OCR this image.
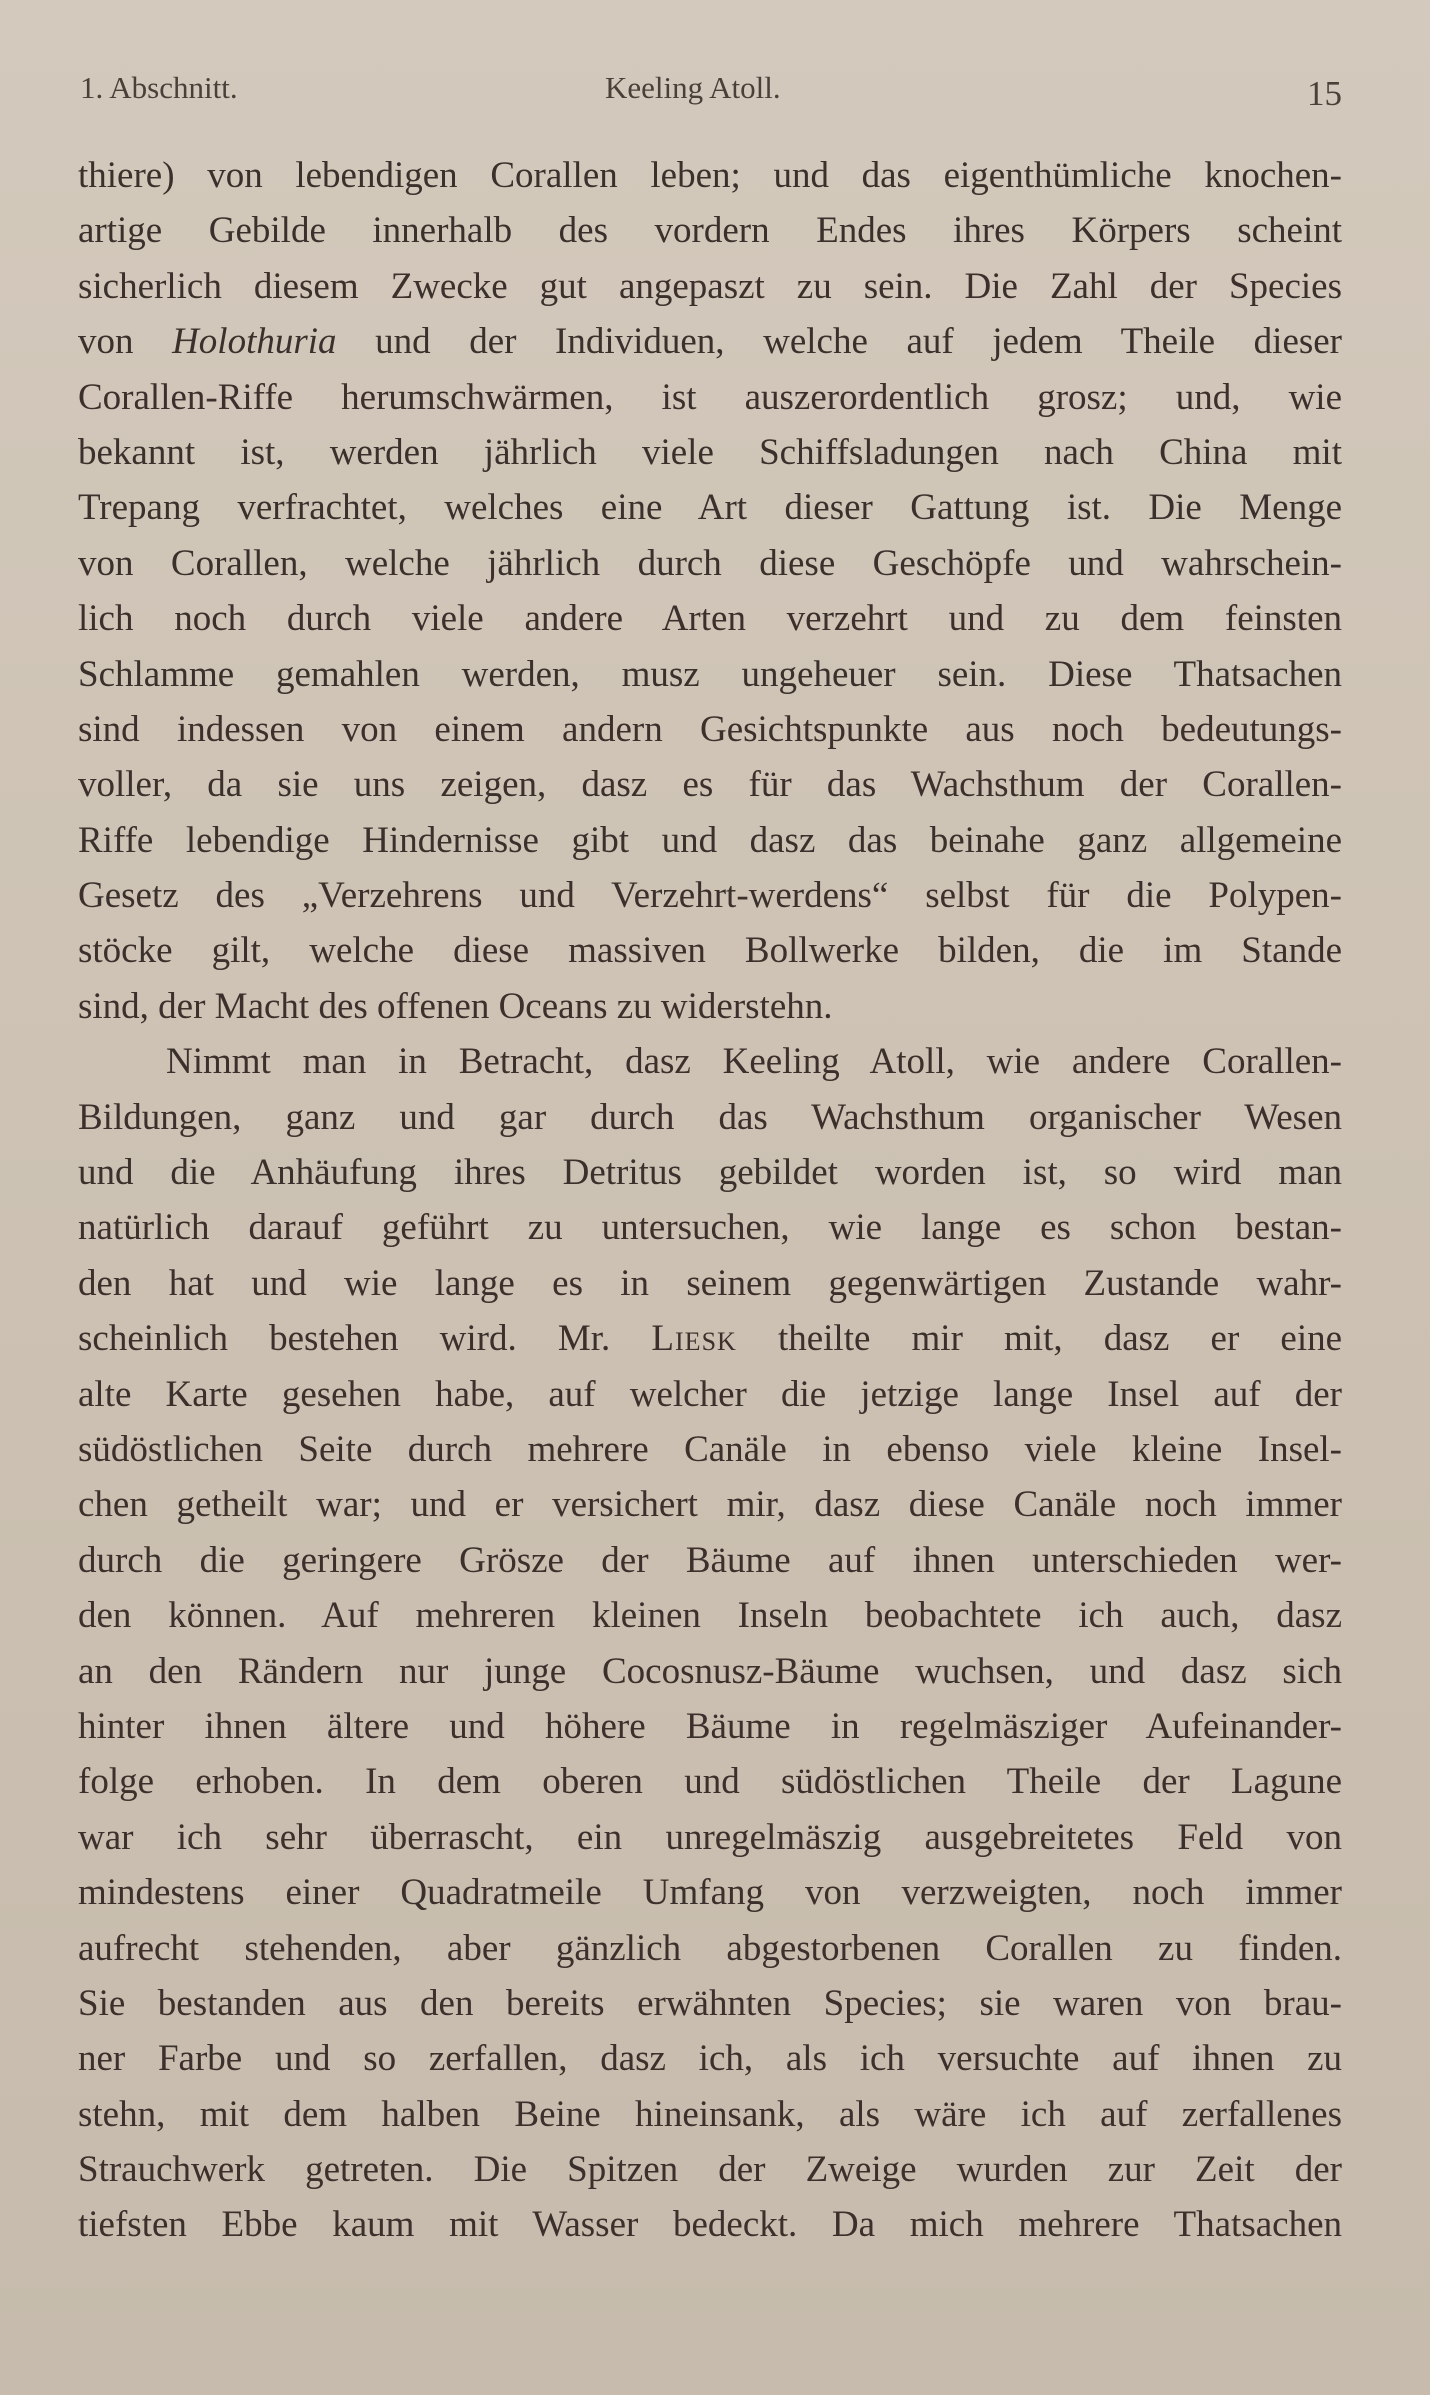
1. Abschnitt.	Keeling Atoll.	15
thiere) von lebendigen Corallen leben; und das eigenthümliche knochen-
artige Gebilde innerhalb des vordern Endes ihres Körpers scheint
sicherlich diesem Zwecke gut angepaszt zu sein. Die Zahl der Species
von Holothuria und der Individuen, welche auf jedem Theile dieser
Corallen-Riffe herumschwärmen, ist auszerordentlich grosz; und, wie
bekannt ist, werden jährlich viele Schiffsladungen nach China mit
Trepang verfrachtet, welches eine Art dieser Gattung ist. Die Menge
von Corallen, welche jährlich durch diese Geschöpfe und wahrschein-
lich noch durch viele andere Arten verzehrt und zu dem feinsten
Schlamme gemahlen werden, musz ungeheuer sein. Diese Thatsachen
sind indessen von einem andern Gesichtspunkte aus noch bedeutungs-
voller, da sie uns zeigen, dasz es für das Wachsthum der Corallen-
Riffe lebendige Hindernisse gibt und dasz das beinahe ganz allgemeine
Gesetz des „Verzehrens und Verzehrt-werdens“ selbst für die Polypen-
stöcke gilt, welche diese massiven Bollwerke bilden, die im Stande
sind, der Macht des offenen Oceans zu widerstehn.
Nimmt man in Betracht, dasz Keeling Atoll, wie andere Corallen-
Bildungen, ganz und gar durch das Wachsthum organischer Wesen
und die Anhäufung ihres Detritus gebildet worden ist, so wird man
natürlich darauf geführt zu untersuchen, wie lange es schon bestan-
den hat und wie lange es in seinem gegenwärtigen Zustande wahr-
scheinlich bestehen wird. Mr. Liesk theilte mir mit, dasz er eine
alte Karte gesehen habe, auf welcher die jetzige lange Insel auf der
südöstlichen Seite durch mehrere Canäle in ebenso viele kleine Insel-
chen getheilt war; und er versichert mir, dasz diese Canäle noch immer
durch die geringere Grösze der Bäume auf ihnen unterschieden wer-
den können. Auf mehreren kleinen Inseln beobachtete ich auch, dasz
an den Rändern nur junge Cocosnusz-Bäume wuchsen, und dasz sich
hinter ihnen ältere und höhere Bäume in regelmäsziger Aufeinander-
folge erhoben. In dem oberen und südöstlichen Theile der Lagune
war ich sehr überrascht, ein unregelmäszig ausgebreitetes Feld von
mindestens einer Quadratmeile Umfang von verzweigten, noch immer
aufrecht stehenden, aber gänzlich abgestorbenen Corallen zu finden.
Sie bestanden aus den bereits erwähnten Species; sie waren von brau-
ner Farbe und so zerfallen, dasz ich, als ich versuchte auf ihnen zu
stehn, mit dem halben Beine hineinsank, als wäre ich auf zerfallenes
Strauchwerk getreten. Die Spitzen der Zweige wurden zur Zeit der
tiefsten Ebbe kaum mit Wasser bedeckt. Da mich mehrere Thatsachen
